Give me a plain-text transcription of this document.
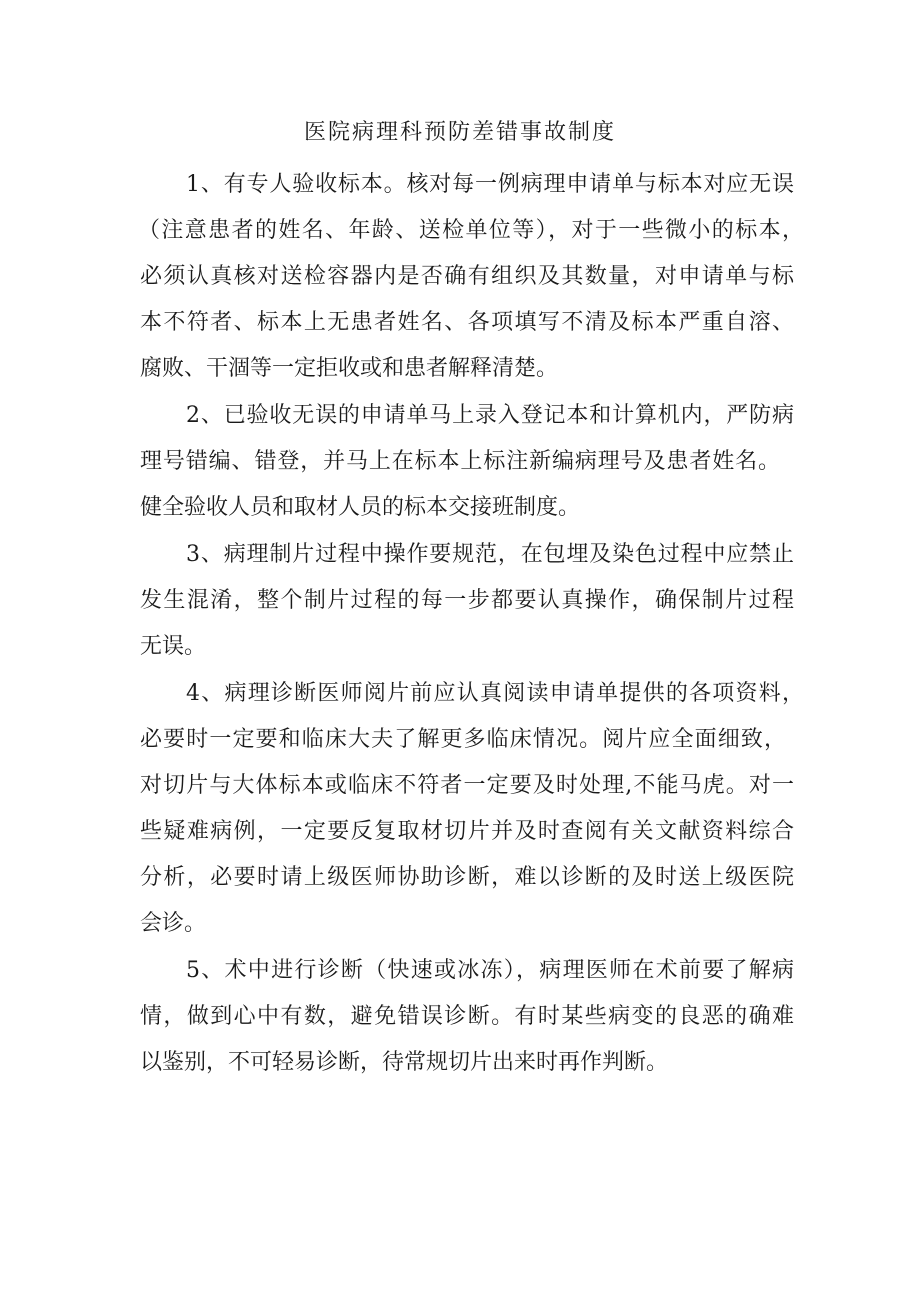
医院病理科预防差错事故制度

1、有专人验收标本。核对每一例病理申请单与标本对应无误

（注意患者的姓名、年龄、送检单位等），对于一些微小的标本，

必须认真核对送检容器内是否确有组织及其数量，对申请单与标

本不符者、标本上无患者姓名、各项填写不清及标本严重自溶、

腐败、干涸等一定拒收或和患者解释清楚。

2、已验收无误的申请单马上录入登记本和计算机内，严防病

理号错编、错登，并马上在标本上标注新编病理号及患者姓名。

健全验收人员和取材人员的标本交接班制度。

3、病理制片过程中操作要规范，在包埋及染色过程中应禁止

发生混淆，整个制片过程的每一步都要认真操作，确保制片过程

无误。

4、病理诊断医师阅片前应认真阅读申请单提供的各项资料，

必要时一定要和临床大夫了解更多临床情况。阅片应全面细致，

对切片与大体标本或临床不符者一定要及时处理,不能马虎。对一

些疑难病例，一定要反复取材切片并及时查阅有关文献资料综合

分析，必要时请上级医师协助诊断，难以诊断的及时送上级医院

会诊。

5、术中进行诊断（快速或冰冻），病理医师在术前要了解病

情，做到心中有数，避免错误诊断。有时某些病变的良恶的确难

以鉴别，不可轻易诊断，待常规切片出来时再作判断。
